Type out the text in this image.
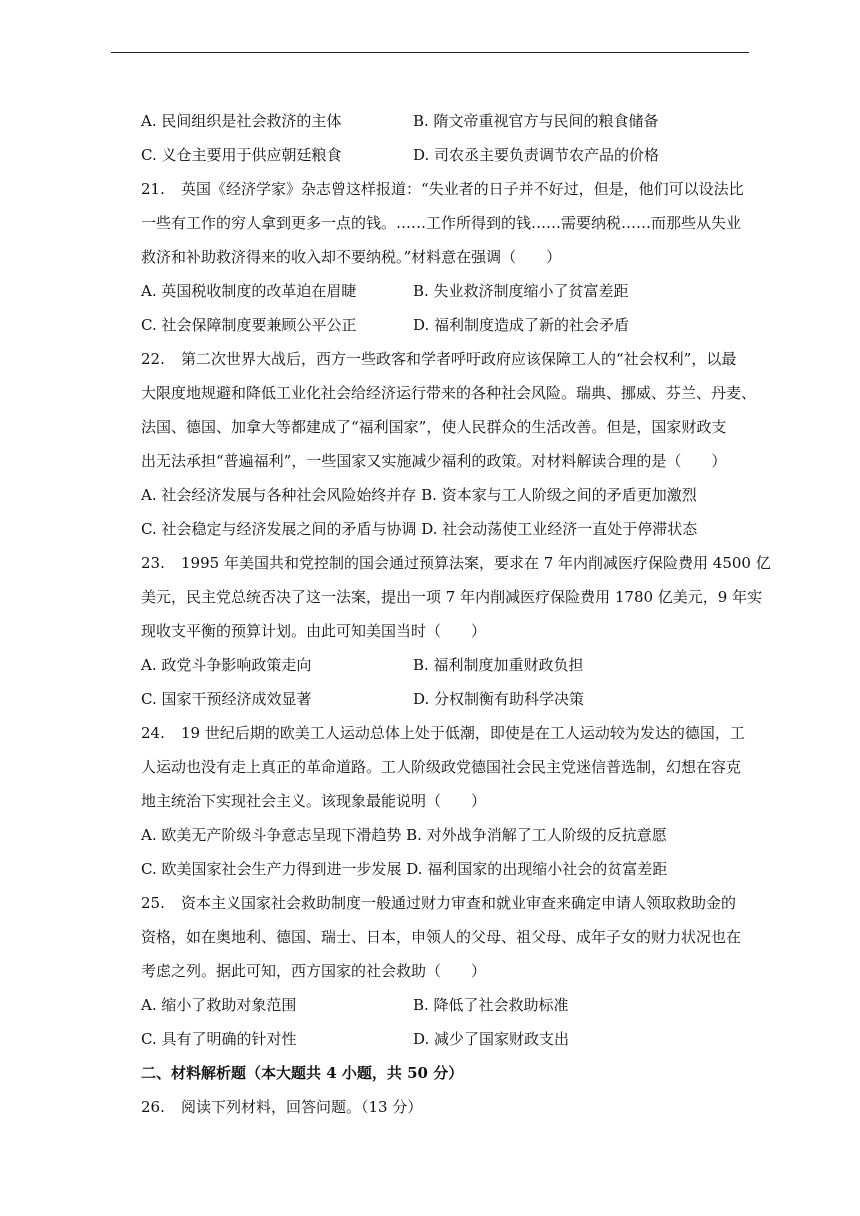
A. 民间组织是社会救济的主体	B. 隋文帝重视官方与民间的粮食储备
C. 义仓主要用于供应朝廷粮食	D. 司农丞主要负责调节农产品的价格
21. 英国《经济学家》杂志曾这样报道：“失业者的日子并不好过，但是，他们可以设法比
一些有工作的穷人拿到更多一点的钱。……工作所得到的钱……需要纳税……而那些从失业
救济和补助救济得来的收入却不要纳税。”材料意在强调（　　）
A. 英国税收制度的改革迫在眉睫	B. 失业救济制度缩小了贫富差距
C. 社会保障制度要兼顾公平公正	D. 福利制度造成了新的社会矛盾
22. 第二次世界大战后，西方一些政客和学者呼吁政府应该保障工人的“社会权利”，以最
大限度地规避和降低工业化社会给经济运行带来的各种社会风险。瑞典、挪威、芬兰、丹麦、
法国、德国、加拿大等都建成了“福利国家”，使人民群众的生活改善。但是，国家财政支
出无法承担“普遍福利”，一些国家又实施减少福利的政策。对材料解读合理的是（　　）
A. 社会经济发展与各种社会风险始终并存 B. 资本家与工人阶级之间的矛盾更加激烈
C. 社会稳定与经济发展之间的矛盾与协调 D. 社会动荡使工业经济一直处于停滞状态
23. 1995 年美国共和党控制的国会通过预算法案，要求在 7 年内削减医疗保险费用 4500 亿
美元，民主党总统否决了这一法案，提出一项 7 年内削减医疗保险费用 1780 亿美元，9 年实
现收支平衡的预算计划。由此可知美国当时（　　）
A. 政党斗争影响政策走向	B. 福利制度加重财政负担
C. 国家干预经济成效显著	D. 分权制衡有助科学决策
24. 19 世纪后期的欧美工人运动总体上处于低潮，即使是在工人运动较为发达的德国，工
人运动也没有走上真正的革命道路。工人阶级政党德国社会民主党迷信普选制，幻想在容克
地主统治下实现社会主义。该现象最能说明（　　）
A. 欧美无产阶级斗争意志呈现下滑趋势 B. 对外战争消解了工人阶级的反抗意愿
C. 欧美国家社会生产力得到进一步发展 D. 福利国家的出现缩小社会的贫富差距
25. 资本主义国家社会救助制度一般通过财力审查和就业审查来确定申请人领取救助金的
资格，如在奥地利、德国、瑞士、日本，申领人的父母、祖父母、成年子女的财力状况也在
考虑之列。据此可知，西方国家的社会救助（　　）
A. 缩小了救助对象范围	B. 降低了社会救助标准
C. 具有了明确的针对性	D. 减少了国家财政支出
二、材料解析题（本大题共 4 小题，共 50 分）
26. 阅读下列材料，回答问题。（13 分）
